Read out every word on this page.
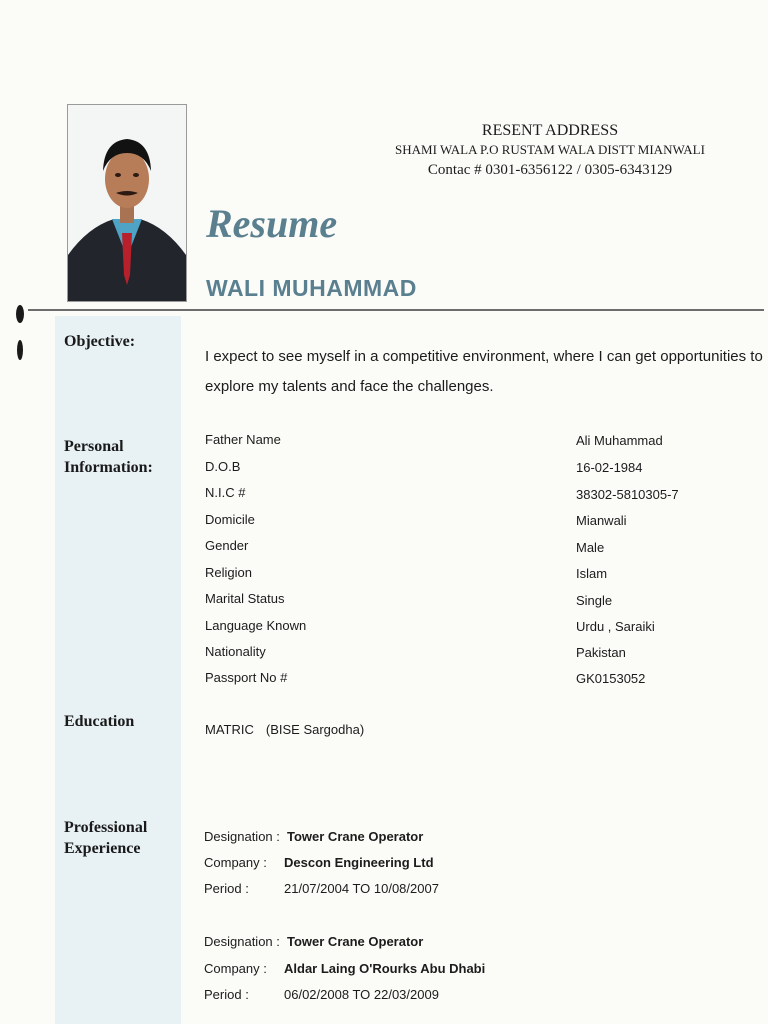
RESENT ADDRESS
SHAMI WALA P.O RUSTAM WALA DISTT MIANWALI
Contac # 0301-6356122 / 0305-6343129
Resume
WALI MUHAMMAD
Objective:
I expect to see myself in a competitive environment, where I can get opportunities to explore my talents and face the challenges.
Personal
Information:
Father Name	Ali Muhammad
D.O.B	16-02-1984
N.I.C #	38302-5810305-7
Domicile	Mianwali
Gender	Male
Religion	Islam
Marital Status	Single
Language Known	Urdu , Saraiki
Nationality	Pakistan
Passport No #	GK0153052
Education	MATRIC (BISE Sargodha)
Professional
Experience
Designation : Tower Crane Operator
Company : Descon Engineering Ltd
Period :	21/07/2004 TO 10/08/2007
Designation : Tower Crane Operator
Company : Aldar Laing O'Rourks Abu Dhabi
Period :	06/02/2008 TO 22/03/2009
